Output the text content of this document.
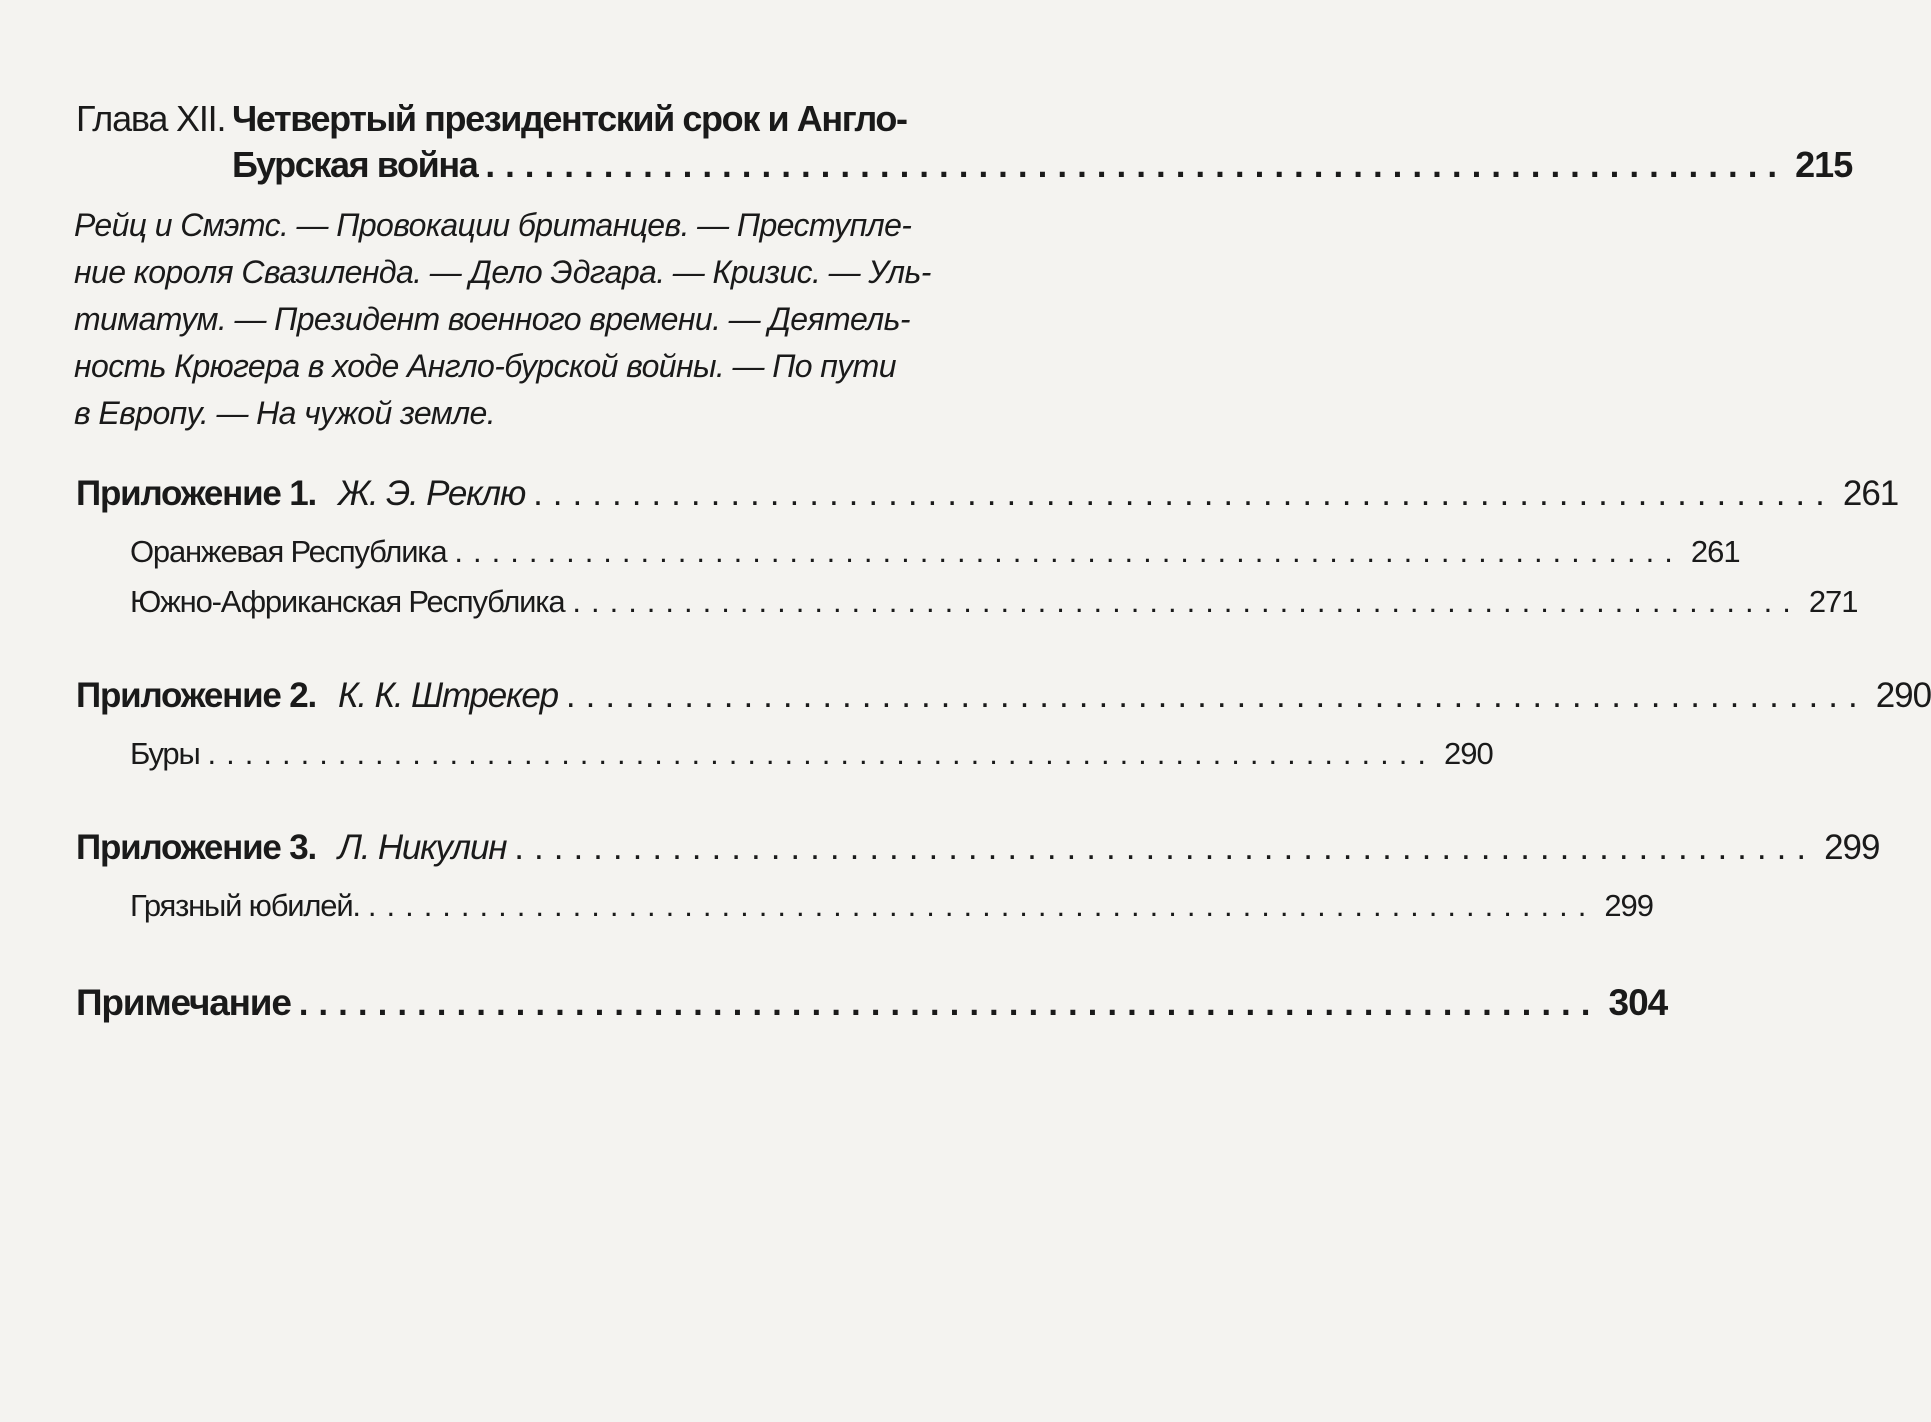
Глава XII. Четвертый президентский срок и Англо-
Бурская война .................................................................. 215
Рейц и Смэтс. — Провокации британцев. — Преступле-
ние короля Свазиленда. — Дело Эдгара. — Кризис. — Уль-
тиматум. — Президент военного времени. — Деятель-
ность Крюгера в ходе Англо-бурской войны. — По пути
в Европу. — На чужой земле.
Приложение 1. Ж. Э. Реклю .................................................................. 261
Оранжевая Республика .................................................................. 261
Южно-Африканская Республика .................................................................. 271
Приложение 2. К. К. Штрекер .................................................................. 290
Буры .................................................................. 290
Приложение 3. Л. Никулин .................................................................. 299
Грязный юбилей. .................................................................. 299
Примечание .................................................................. 304
